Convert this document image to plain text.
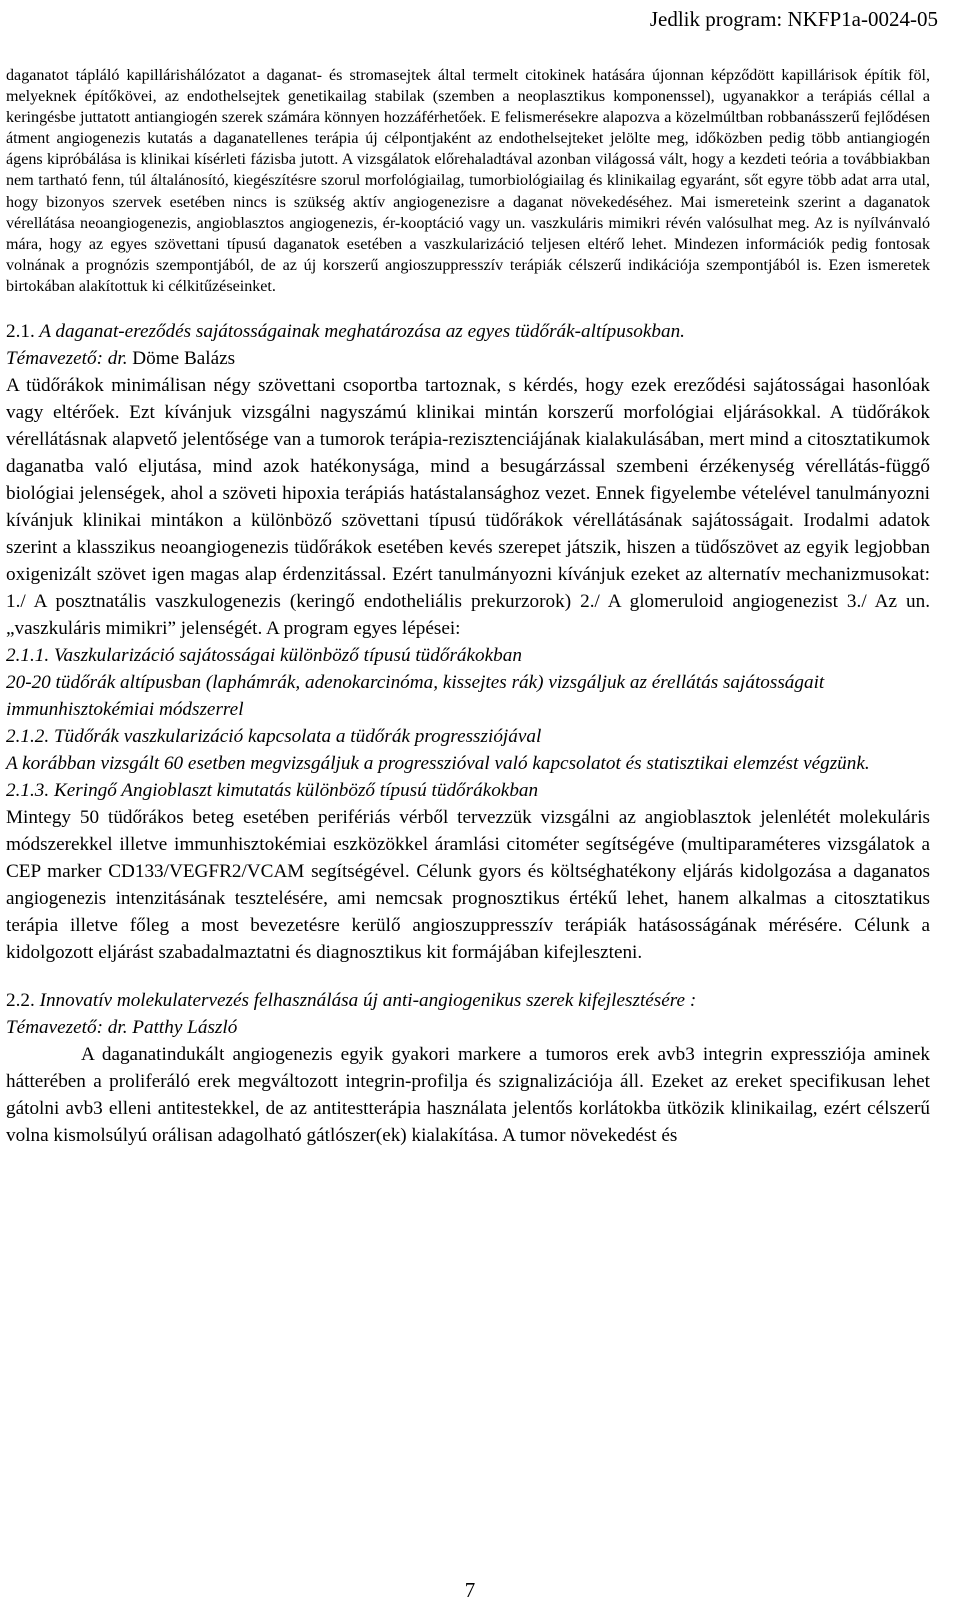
Jedlik program: NKFP1a-0024-05

daganatot tápláló kapillárishálózatot a daganat- és stromasejtek által termelt citokinek hatására újonnan képződött kapillárisok építik föl, melyeknek építőkövei, az endothelsejtek genetikailag stabilak (szemben a neoplasztikus komponenssel), ugyanakkor a terápiás céllal a keringésbe juttatott antiangiogén szerek számára könnyen hozzáférhetőek. E felismerésekre alapozva a közelmúltban robbanásszerű fejlődésen átment angiogenezis kutatás a daganatellenes terápia új célpontjaként az endothelsejteket jelölte meg, időközben pedig több antiangiogén ágens kipróbálása is klinikai kísérleti fázisba jutott. A vizsgálatok előrehaladtával azonban világossá vált, hogy a kezdeti teória a továbbiakban nem tartható fenn, túl általánosító, kiegészítésre szorul morfológiailag, tumorbiológiailag és klinikailag egyaránt, sőt egyre több adat arra utal, hogy bizonyos szervek esetében nincs is szükség aktív angiogenezisre a daganat növekedéséhez. Mai ismereteink szerint a daganatok vérellátása neoangiogenezis, angioblasztos angiogenezis, ér-kooptáció vagy un. vaszkuláris mimikri révén valósulhat meg. Az is nyílvánvaló mára, hogy az egyes szövettani típusú daganatok esetében a vaszkularizáció teljesen eltérő lehet. Mindezen információk pedig fontosak volnának a prognózis szempontjából, de az új korszerű angioszuppresszív terápiák célszerű indikációja szempontjából is. Ezen ismeretek birtokában alakítottuk ki célkitűzéseinket.

2.1. A daganat-ereződés sajátosságainak meghatározása az egyes tüdőrák-altípusokban.

Témavezető: dr. Döme Balázs

A tüdőrákok minimálisan négy szövettani csoportba tartoznak, s kérdés, hogy ezek ereződési sajátosságai hasonlóak vagy eltérőek. Ezt kívánjuk vizsgálni nagyszámú klinikai mintán korszerű morfológiai eljárásokkal. A tüdőrákok vérellátásnak alapvető jelentősége van a tumorok terápia-rezisztenciájának kialakulásában, mert mind a citosztatikumok daganatba való eljutása, mind azok hatékonysága, mind a besugárzással szembeni érzékenység vérellátás-függő biológiai jelenségek, ahol a szöveti hipoxia terápiás hatástalansághoz vezet. Ennek figyelembe vételével tanulmányozni kívánjuk klinikai mintákon a különböző szövettani típusú tüdőrákok vérellátásának sajátosságait. Irodalmi adatok szerint a klasszikus neoangiogenezis tüdőrákok esetében kevés szerepet játszik, hiszen a tüdőszövet az egyik legjobban oxigenizált szövet igen magas alap érdenzitással. Ezért tanulmányozni kívánjuk ezeket az alternatív mechanizmusokat: 1./ A posztnatális vaszkulogenezis (keringő endotheliális prekurzorok) 2./ A glomeruloid angiogenezist 3./ Az un. „vaszkuláris mimikri” jelenségét. A program egyes lépései:

2.1.1. Vaszkularizáció sajátosságai különböző típusú tüdőrákokban

20-20 tüdőrák altípusban (laphámrák, adenokarcinóma, kissejtes rák) vizsgáljuk az érellátás sajátosságait immunhisztokémiai módszerrel

2.1.2. Tüdőrák vaszkularizáció kapcsolata a tüdőrák progressziójával

A korábban vizsgált 60 esetben megvizsgáljuk a progresszióval való kapcsolatot és statisztikai elemzést végzünk.

2.1.3. Keringő Angioblaszt kimutatás különböző típusú tüdőrákokban

Mintegy 50 tüdőrákos beteg esetében perifériás vérből tervezzük vizsgálni az angioblasztok jelenlétét molekuláris módszerekkel illetve immunhisztokémiai eszközökkel áramlási citométer segítségéve (multiparaméteres vizsgálatok a CEP marker CD133/VEGFR2/VCAM segítségével. Célunk gyors és költséghatékony eljárás kidolgozása a daganatos angiogenezis intenzitásának tesztelésére, ami nemcsak prognosztikus értékű lehet, hanem alkalmas a citosztatikus terápia illetve főleg a most bevezetésre kerülő angioszuppresszív terápiák hatásosságának mérésére. Célunk a kidolgozott eljárást szabadalmaztatni és diagnosztikus kit formájában kifejleszteni.

2.2. Innovatív molekulatervezés felhasználása új anti-angiogenikus szerek kifejlesztésére :

Témavezető: dr. Patthy László

A daganatindukált angiogenezis egyik gyakori markere a tumoros erek avb3 integrin expressziója aminek hátterében a proliferáló erek megváltozott integrin-profilja és szignalizációja áll. Ezeket az ereket specifikusan lehet gátolni avb3 elleni antitestekkel, de az antitestterápia használata jelentős korlátokba ütközik klinikailag, ezért célszerű volna kismolsúlyú orálisan adagolható gátlószer(ek) kialakítása. A tumor növekedést és

7
